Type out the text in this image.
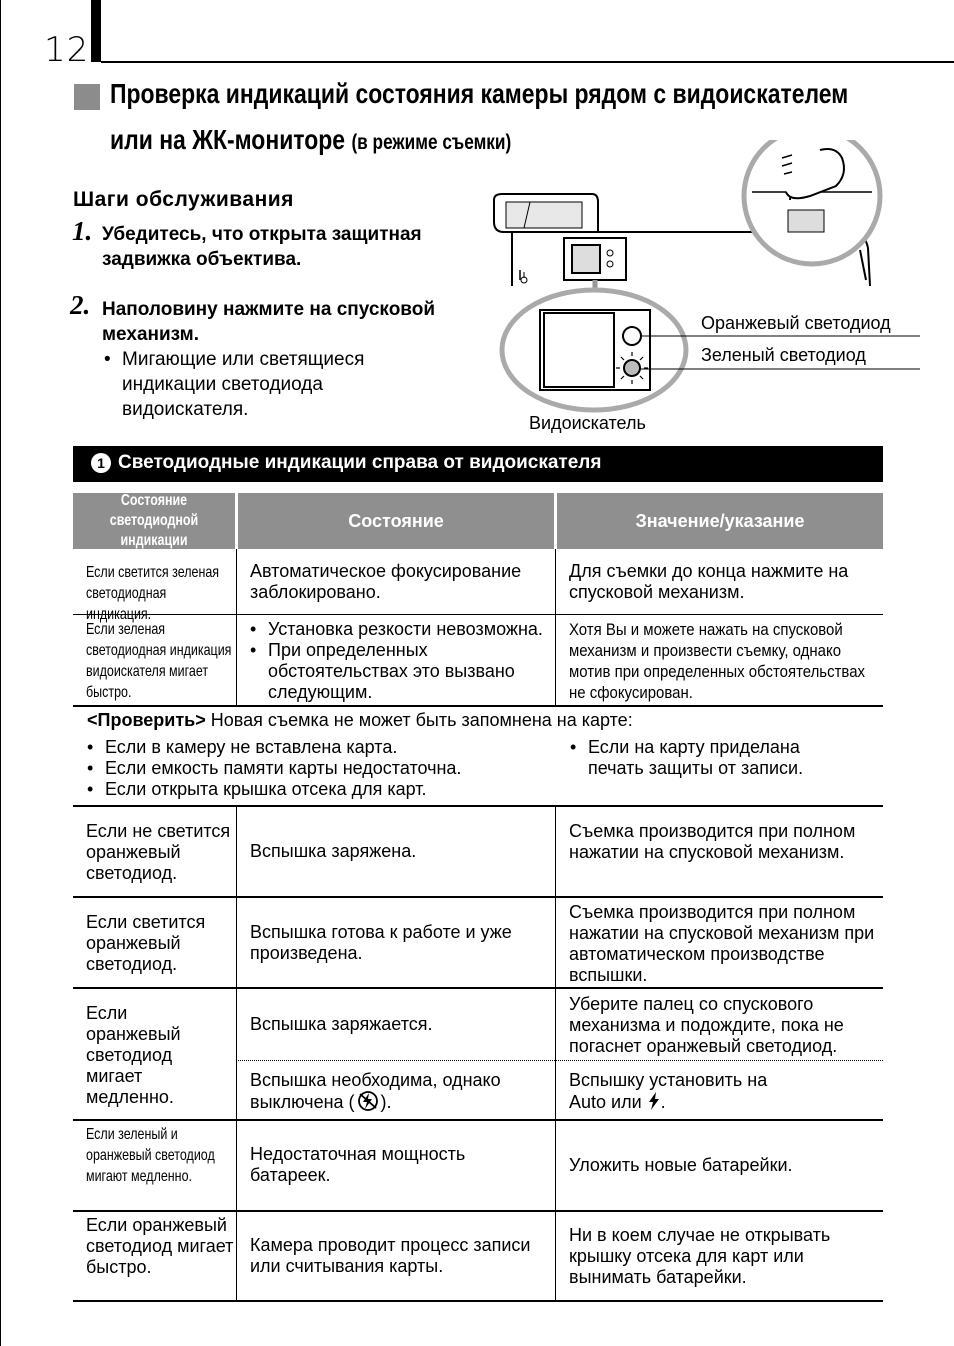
12
Проверка индикаций состояния камеры рядом с видоискателем
или на ЖК-мониторе (в режиме съемки)
Шаги обслуживания
1. Убедитесь, что открыта защитная задвижка объектива.
2. Наполовину нажмите на спусковой механизм.
• Мигающие или светящиеся индикации светодиода видоискателя.
Оранжевый светодиод
Зеленый светодиод
Видоискатель
1 Светодиодные индикации справа от видоискателя
Состояние светодиодной индикации
Состояние	Значение/указание
Если светится зеленая светодиодная индикация.
Автоматическое фокусирование заблокировано.
Для съемки до конца нажмите на спусковой механизм.
Если зеленая светодиодная индикация видоискателя мигает быстро.
• Установка резкости невозможна.
• При определенных обстоятельствах это вызвано следующим.
Хотя Вы и можете нажать на спусковой механизм и произвести съемку, однако мотив при определенных обстоятельствах не сфокусирован.
<Проверить> Новая съемка не может быть запомнена на карте:
• Если в камеру не вставлена карта.
• Если емкость памяти карты недостаточна.
• Если открыта крышка отсека для карт.
• Если на карту приделана печать защиты от записи.
Если не светится оранжевый светодиод.
Вспышка заряжена.
Съемка производится при полном нажатии на спусковой механизм.
Если светится оранжевый светодиод.
Вспышка готова к работе и уже произведена.
Съемка производится при полном нажатии на спусковой механизм при автоматическом производстве вспышки.
Если оранжевый светодиод мигает медленно.
Вспышка заряжается.
Уберите палец со спускового механизма и подождите, пока не погаснет оранжевый светодиод.
Вспышка необходима, однако выключена ( ).
Вспышку установить на Auto или .
Если зеленый и оранжевый светодиод мигают медленно.
Недостаточная мощность батареек.	Уложить новые батарейки.
Если оранжевый светодиод мигает быстро.
Камера проводит процесс записи или считывания карты.
Ни в коем случае не открывать крышку отсека для карт или вынимать батарейки.
